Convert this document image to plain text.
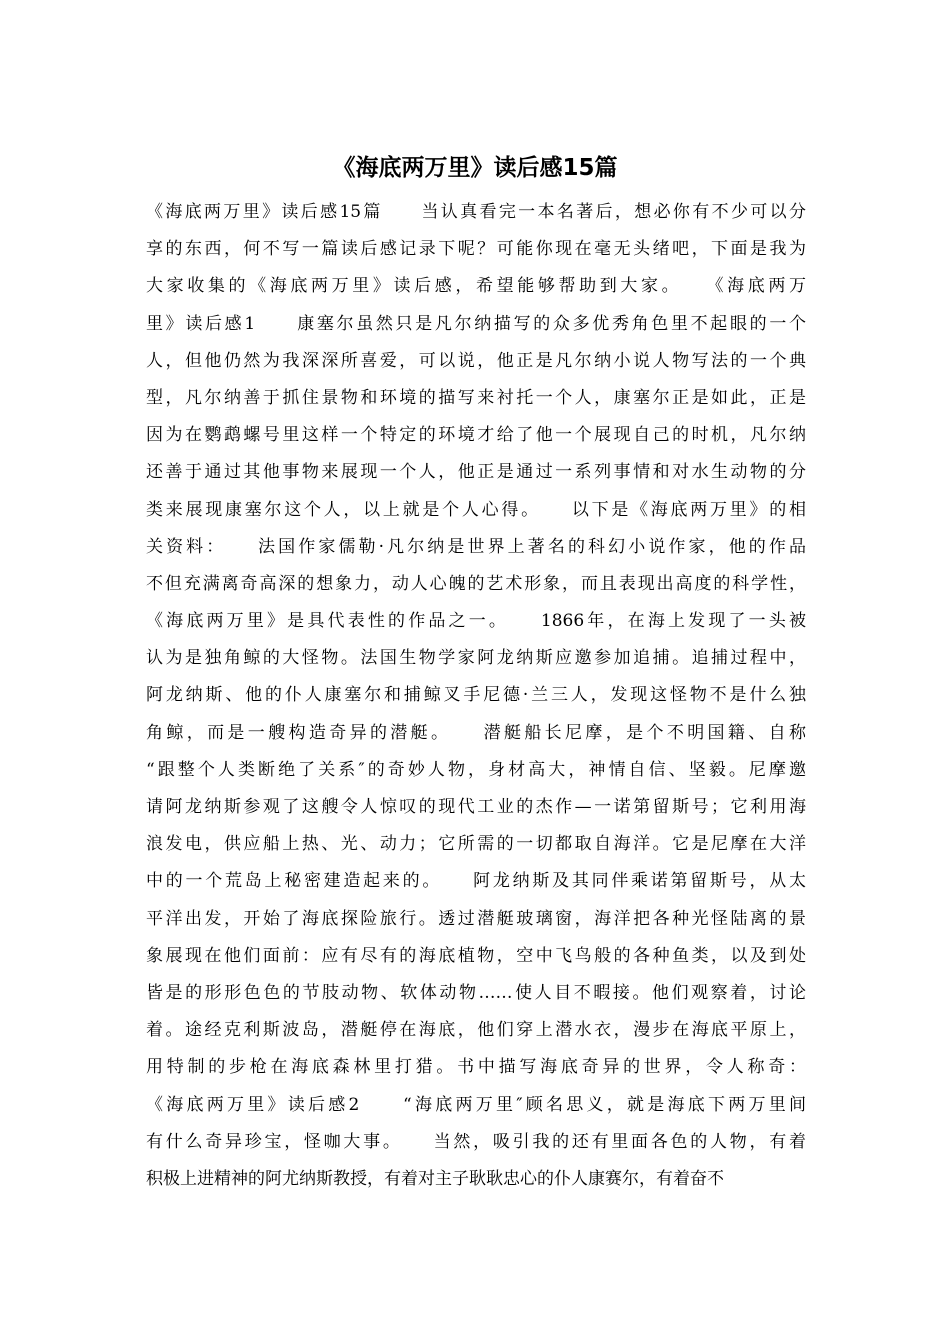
《海底两万里》读后感15篇
《海底两万里》读后感15篇　　当认真看完一本名著后，想必你有不少可以分
享的东西，何不写一篇读后感记录下呢？可能你现在毫无头绪吧，下面是我为
大家收集的《海底两万里》读后感，希望能够帮助到大家。　　《海底两万
里》读后感1　　康塞尔虽然只是凡尔纳描写的众多优秀角色里不起眼的一个
人，但他仍然为我深深所喜爱，可以说，他正是凡尔纳小说人物写法的一个典
型，凡尔纳善于抓住景物和环境的描写来衬托一个人，康塞尔正是如此，正是
因为在鹦鹉螺号里这样一个特定的环境才给了他一个展现自己的时机，凡尔纳
还善于通过其他事物来展现一个人，他正是通过一系列事情和对水生动物的分
类来展现康塞尔这个人，以上就是个人心得。　　以下是《海底两万里》的相
关资料：　　法国作家儒勒·凡尔纳是世界上著名的科幻小说作家，他的作品
不但充满离奇高深的想象力，动人心魄的艺术形象，而且表现出高度的科学性，
《海底两万里》是具代表性的作品之一。　　1866年，在海上发现了一头被
认为是独角鲸的大怪物。法国生物学家阿龙纳斯应邀参加追捕。追捕过程中，
阿龙纳斯、他的仆人康塞尔和捕鲸叉手尼德·兰三人，发现这怪物不是什么独
角鲸，而是一艘构造奇异的潜艇。　　潜艇船长尼摩，是个不明国籍、自称
“跟整个人类断绝了关系″的奇妙人物，身材高大，神情自信、坚毅。尼摩邀
请阿龙纳斯参观了这艘令人惊叹的现代工业的杰作—一诺第留斯号；它利用海
浪发电，供应船上热、光、动力；它所需的一切都取自海洋。它是尼摩在大洋
中的一个荒岛上秘密建造起来的。　　阿龙纳斯及其同伴乘诺第留斯号，从太
平洋出发，开始了海底探险旅行。透过潜艇玻璃窗，海洋把各种光怪陆离的景
象展现在他们面前：应有尽有的海底植物，空中飞鸟般的各种鱼类，以及到处
皆是的形形色色的节肢动物、软体动物……使人目不暇接。他们观察着，讨论
着。途经克利斯波岛，潜艇停在海底，他们穿上潜水衣，漫步在海底平原上，
用特制的步枪在海底森林里打猎。书中描写海底奇异的世界，令人称奇：
《海底两万里》读后感2　　“海底两万里″顾名思义，就是海底下两万里间
有什么奇异珍宝，怪咖大事。　　当然，吸引我的还有里面各色的人物，有着
积极上进精神的阿尤纳斯教授，有着对主子耿耿忠心的仆人康赛尔，有着奋不
